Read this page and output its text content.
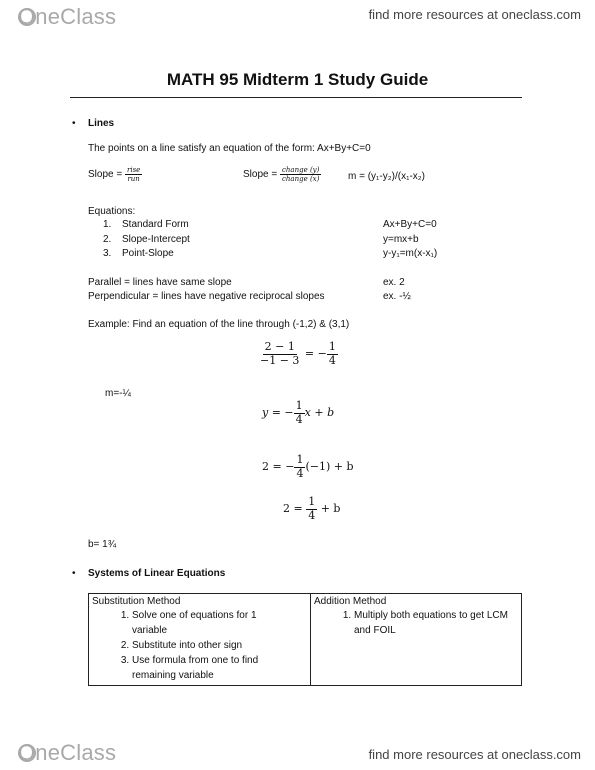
OneClass	find more resources at oneclass.com
MATH 95 Midterm 1 Study Guide
• Lines
The points on a line satisfy an equation of the form: Ax+By+C=0
Slope = $\frac{\text{rise}}{\text{run}}$	Slope = $\frac{\text{change (y)}}{\text{change (x)}}$	m = (y₁-y₂)/(x₁-x₂)
Equations:
1. Standard Form	Ax+By+C=0
2. Slope-Intercept	y=mx+b
3. Point-Slope	y-y₁=m(x-x₁)
Parallel = lines have same slope	ex. 2
Perpendicular = lines have negative reciprocal slopes	ex. -½
Example: Find an equation of the line through (-1,2) & (3,1)
$\frac{2 - 1}{-1 - 3}$ = − $\frac{1}{4}$
m=-¼
y = − $\frac{1}{4}$ x + b
2 = − $\frac{1}{4} (-1) + b$
$2 = \frac{1}{4} + b$
b= 1¾
• Systems of Linear Equations
Substitution Method
1. Solve one of equations for 1 variable
2. Substitute into other sign
3. Use formula from one to find remaining variable

Addition Method
1. Multiply both equations to get LCM and FOIL
OneClass	find more resources at oneclass.com
